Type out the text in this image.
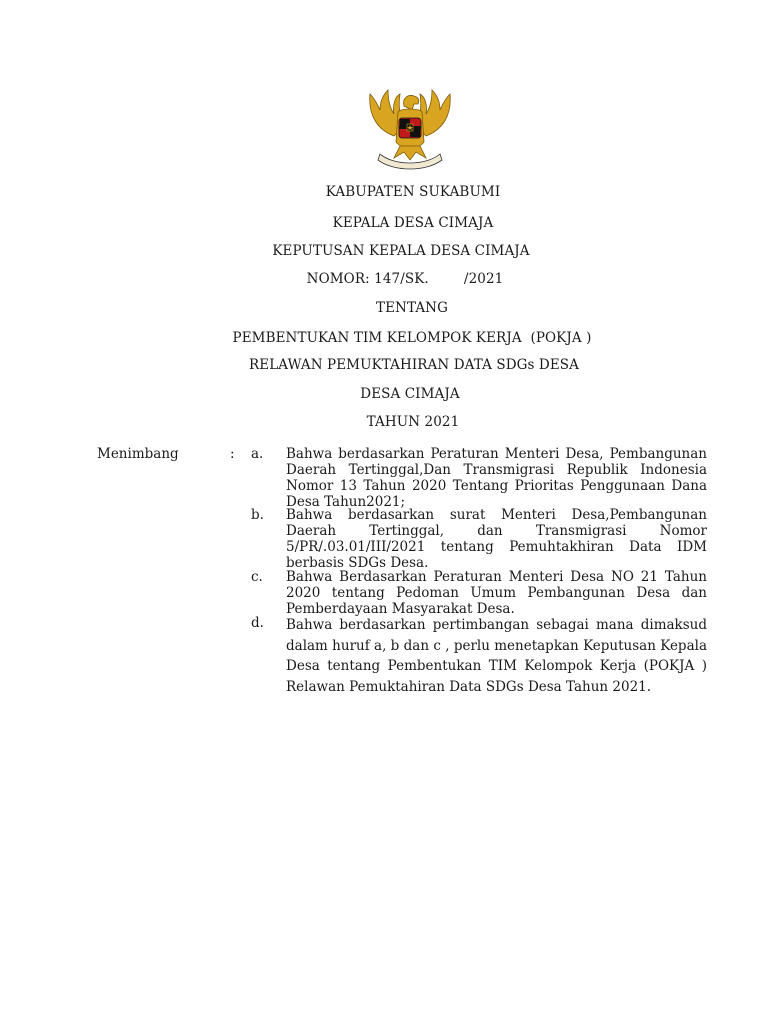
KABUPATEN SUKABUMI
KEPALA DESA CIMAJA
KEPUTUSAN KEPALA DESA CIMAJA
NOMOR: 147/SK.        /2021
TENTANG
PEMBENTUKAN TIM KELOMPOK KERJA  (POKJA )
RELAWAN PEMUKTAHIRAN DATA SDGs DESA
DESA CIMAJA
TAHUN 2021
Menimbang	: a. Bahwa berdasarkan Peraturan Menteri Desa, Pembangunan Daerah Tertinggal,Dan Transmigrasi Republik Indonesia Nomor 13 Tahun 2020 Tentang Prioritas Penggunaan Dana Desa Tahun2021;
b. Bahwa berdasarkan surat Menteri Desa,Pembangunan Daerah Tertinggal, dan Transmigrasi Nomor 5/PR/.03.01/III/2021 tentang Pemuhtakhiran Data IDM berbasis SDGs Desa.
c. Bahwa Berdasarkan Peraturan Menteri Desa NO 21 Tahun 2020 tentang Pedoman Umum Pembangunan Desa dan Pemberdayaan Masyarakat Desa.
d. Bahwa berdasarkan pertimbangan sebagai mana dimaksud dalam huruf a, b dan c , perlu menetapkan Keputusan Kepala Desa tentang Pembentukan TIM Kelompok Kerja (POKJA ) Relawan Pemuktahiran Data SDGs Desa Tahun 2021.
